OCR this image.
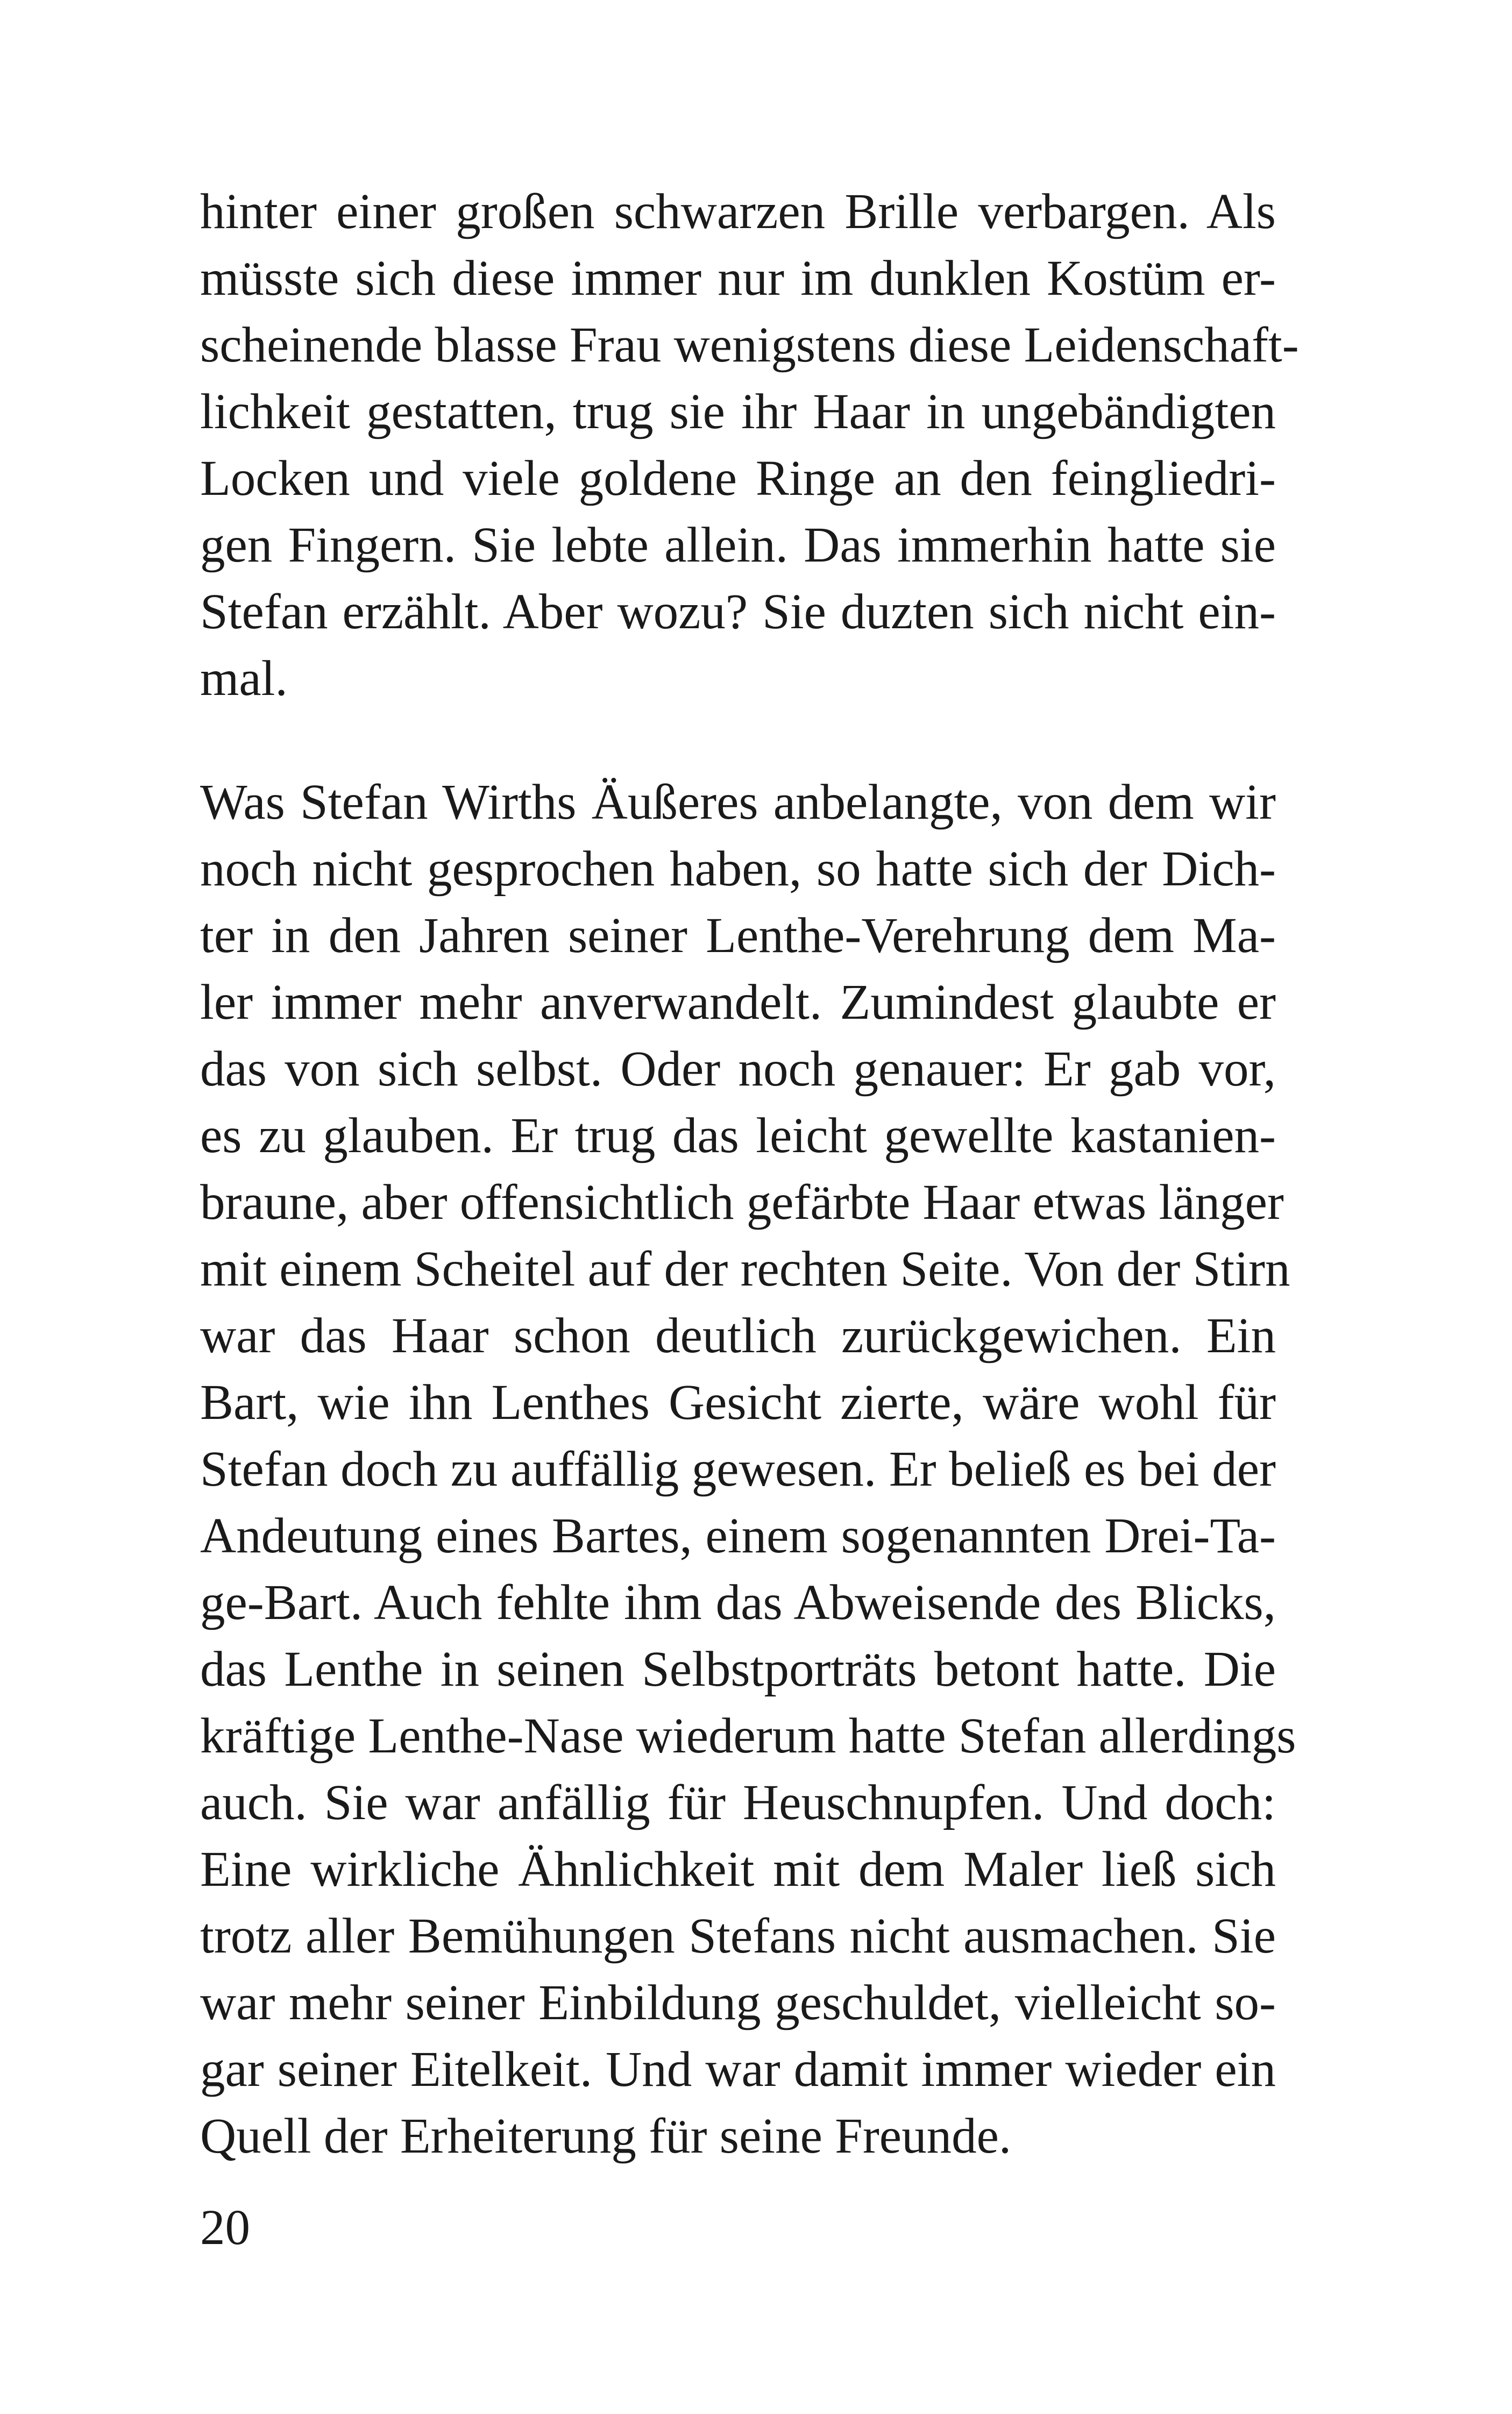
hinter einer großen schwarzen Brille verbargen. Als
müsste sich diese immer nur im dunklen Kostüm er-
scheinende blasse Frau wenigstens diese Leidenschaft-
lichkeit gestatten, trug sie ihr Haar in ungebändigten
Locken und viele goldene Ringe an den feingliedri-
gen Fingern. Sie lebte allein. Das immerhin hatte sie
Stefan erzählt. Aber wozu? Sie duzten sich nicht ein-
mal.
Was Stefan Wirths Äußeres anbelangte, von dem wir
noch nicht gesprochen haben, so hatte sich der Dich-
ter in den Jahren seiner Lenthe-Verehrung dem Ma-
ler immer mehr anverwandelt. Zumindest glaubte er
das von sich selbst. Oder noch genauer: Er gab vor,
es zu glauben. Er trug das leicht gewellte kastanien-
braune, aber offensichtlich gefärbte Haar etwas länger
mit einem Scheitel auf der rechten Seite. Von der Stirn
war das Haar schon deutlich zurückgewichen. Ein
Bart, wie ihn Lenthes Gesicht zierte, wäre wohl für
Stefan doch zu auffällig gewesen. Er beließ es bei der
Andeutung eines Bartes, einem sogenannten Drei-Ta-
ge-Bart. Auch fehlte ihm das Abweisende des Blicks,
das Lenthe in seinen Selbstporträts betont hatte. Die
kräftige Lenthe-Nase wiederum hatte Stefan allerdings
auch. Sie war anfällig für Heuschnupfen. Und doch:
Eine wirkliche Ähnlichkeit mit dem Maler ließ sich
trotz aller Bemühungen Stefans nicht ausmachen. Sie
war mehr seiner Einbildung geschuldet, vielleicht so-
gar seiner Eitelkeit. Und war damit immer wieder ein
Quell der Erheiterung für seine Freunde.
20
